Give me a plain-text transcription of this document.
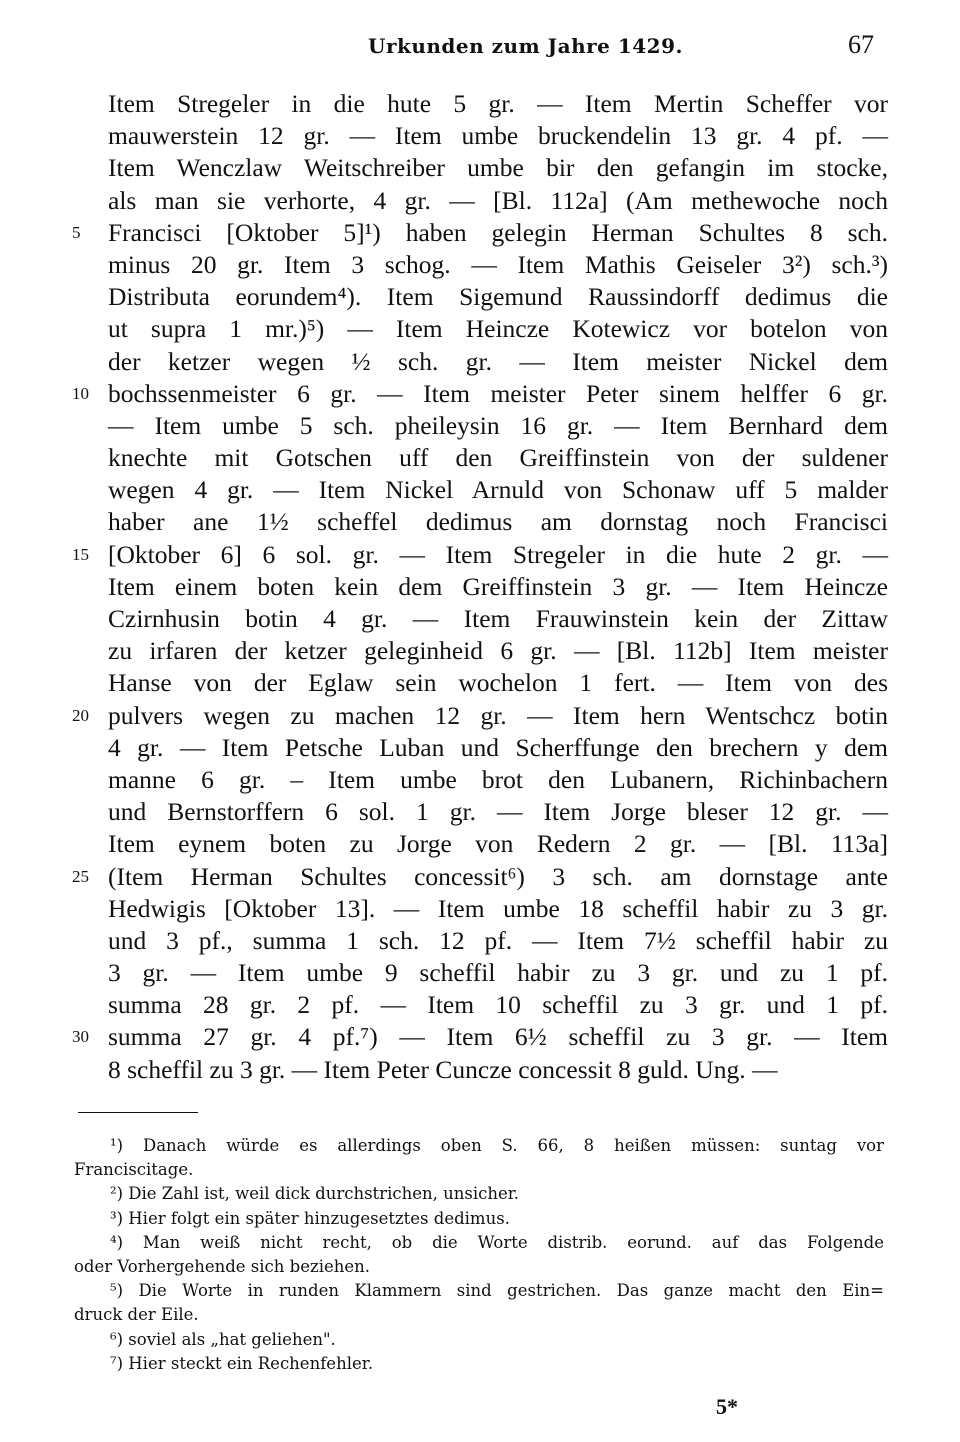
Urkunden zum Jahre 1429.	67
Item Stregeler in die hute 5 gr. — Item Mertin Scheffer vor
mauwerstein 12 gr. — Item umbe bruckendelin 13 gr. 4 pf. —
Item Wenczlaw Weitschreiber umbe bir den gefangin im stocke,
als man sie verhorte, 4 gr. — [Bl. 112a] (Am methewoche noch
5	Francisci [Oktober 5]¹) haben gelegin Herman Schultes 8 sch.
minus 20 gr. Item 3 schog. — Item Mathis Geiseler 3²) sch.³)
Distributa eorundem⁴). Item Sigemund Raussindorff dedimus die
ut supra 1 mr.)⁵) — Item Heincze Kotewicz vor botelon von
der ketzer wegen ½ sch. gr. — Item meister Nickel dem
10 bochssenmeister 6 gr. — Item meister Peter sinem helffer 6 gr.
— Item umbe 5 sch. pheileysin 16 gr. — Item Bernhard dem
knechte mit Gotschen uff den Greiffinstein von der suldener
wegen 4 gr. — Item Nickel Arnuld von Schonaw uff 5 malder
haber ane 1½ scheffel dedimus am dornstag noch Francisci
15 [Oktober 6] 6 sol. gr. — Item Stregeler in die hute 2 gr. —
Item einem boten kein dem Greiffinstein 3 gr. — Item Heincze
Czirnhusin botin 4 gr. — Item Frauwinstein kein der Zittaw
zu irfaren der ketzer geleginheid 6 gr. — [Bl. 112b] Item meister
Hanse von der Eglaw sein wochelon 1 fert. — Item von des
20 pulvers wegen zu machen 12 gr. — Item hern Wentschcz botin
4 gr. — Item Petsche Luban und Scherffunge den brechern y dem
manne 6 gr. – Item umbe brot den Lubanern, Richinbachern
und Bernstorffern 6 sol. 1 gr. — Item Jorge bleser 12 gr. —
Item eynem boten zu Jorge von Redern 2 gr. — [Bl. 113a]
25 (Item Herman Schultes concessit⁶) 3 sch. am dornstage ante
Hedwigis [Oktober 13]. — Item umbe 18 scheffil habir zu 3 gr.
und 3 pf., summa 1 sch. 12 pf. — Item 7½ scheffil habir zu
3 gr. — Item umbe 9 scheffil habir zu 3 gr. und zu 1 pf.
summa 28 gr. 2 pf. — Item 10 scheffil zu 3 gr. und 1 pf.
30 summa 27 gr. 4 pf.⁷) — Item 6½ scheffil zu 3 gr. — Item
8 scheffil zu 3 gr. — Item Peter Cuncze concessit 8 guld. Ung. —
¹) Danach würde es allerdings oben S. 66, 8 heißen müssen: suntag vor
Franciscitage.
²) Die Zahl ist, weil dick durchstrichen, unsicher.
³) Hier folgt ein später hinzugesetztes dedimus.
⁴) Man weiß nicht recht, ob die Worte distrib. eorund. auf das Folgende
oder Vorhergehende sich beziehen.
⁵) Die Worte in runden Klammern sind gestrichen. Das ganze macht den Ein=
druck der Eile.
⁶) soviel als „hat geliehen".
⁷) Hier steckt ein Rechenfehler.
5*
